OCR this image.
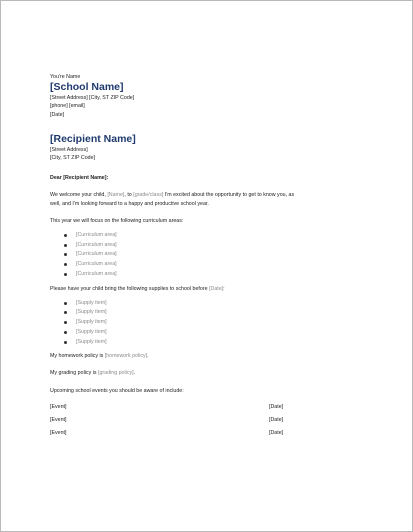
You're Name
[School Name]
[Street Address] [City, ST ZIP Code]
[phone] [email]
[Date]
[Recipient Name]
[Street Address]
[City, ST ZIP Code]
Dear [Recipient Name]:
We welcome your child, [Name], to [grade/class] I'm excited about the opportunity to get to know you, as
well, and I'm looking forward to a happy and productive school year.
This year we will focus on the following curriculum areas:
[Curriculum area]
[Curriculum area]
[Curriculum area]
[Curriculum area]
[Curriculum area]
Please have your child bring the following supplies to school before [Date]:
[Supply item]
[Supply item]
[Supply item]
[Supply item]
[Supply item]
My homework policy is [homework policy].
My grading policy is [grading policy].
Upcoming school events you should be aware of include:
[Event]	[Date]
[Event]	[Date]
[Event]	[Date]
